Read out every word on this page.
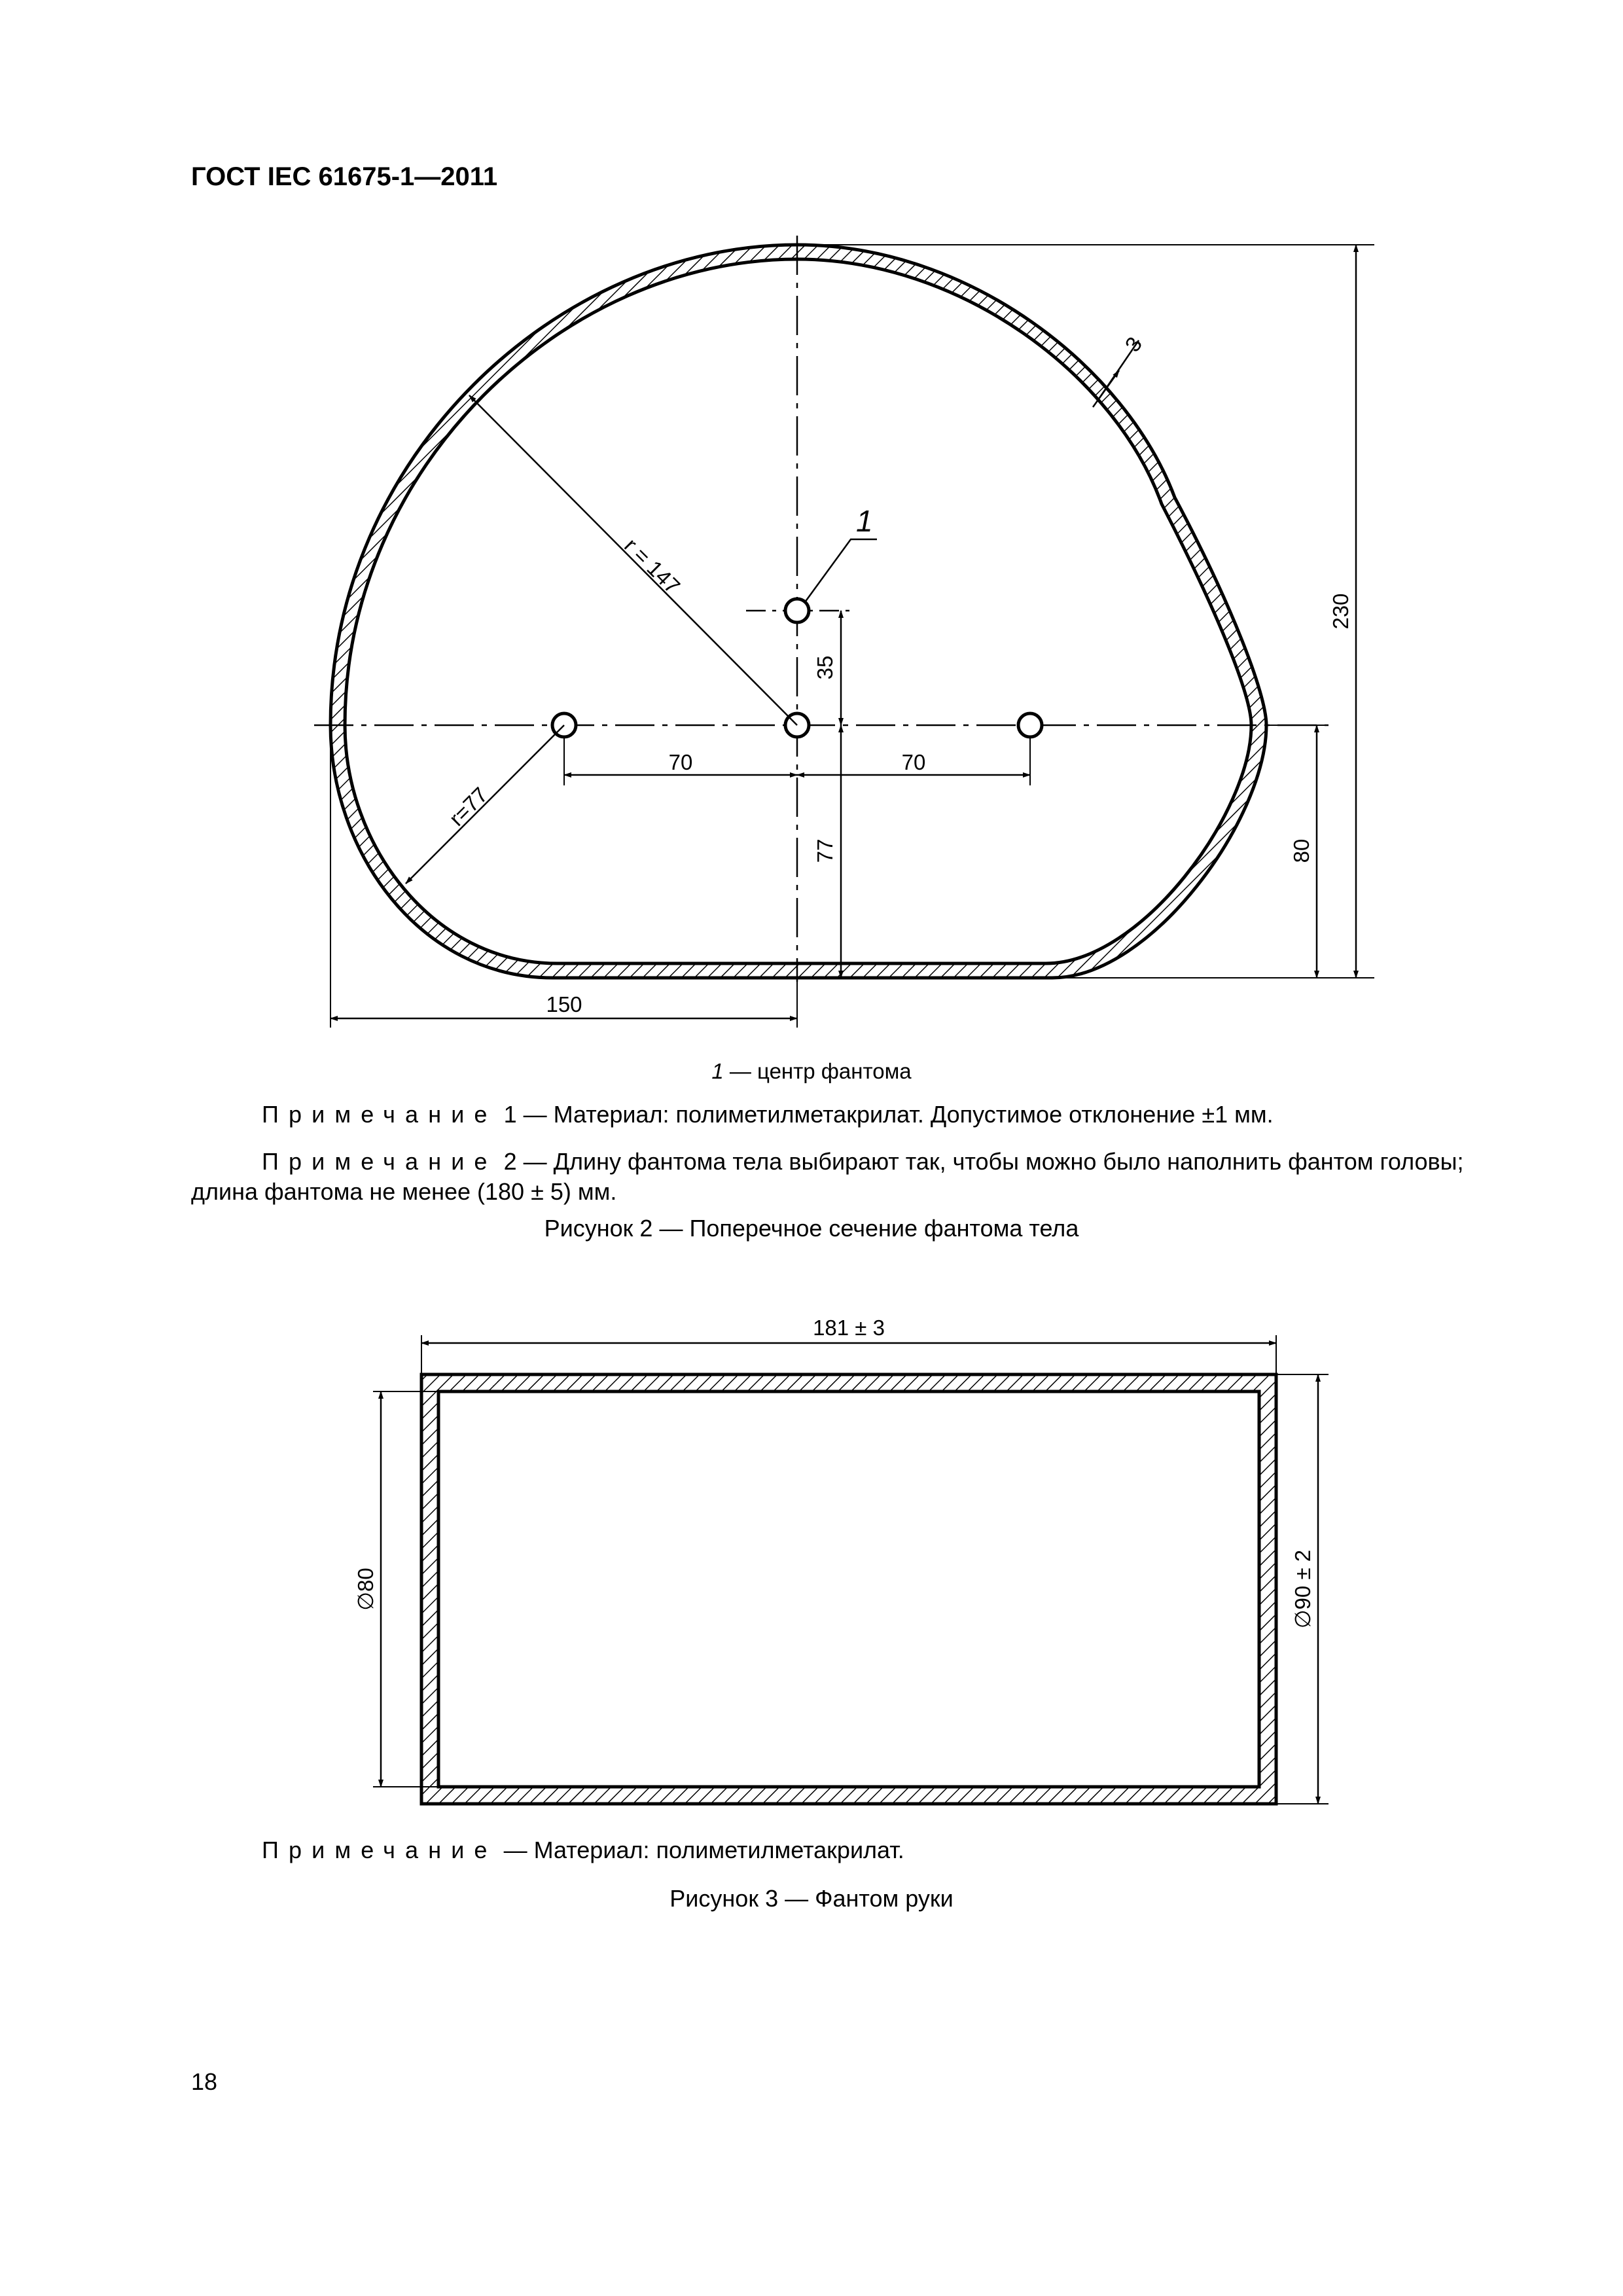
ГОСТ IEC 61675-1—2011
1
r = 147
r=77
3
230
80
35
77
70	70
150
181 ± 3
∅80	∅90 ± 2
1 — центр фантома
Примечание 1 — Материал: полиметилметакрилат. Допустимое отклонение ±1 мм.
Примечание 2 — Длину фантома тела выбирают так, чтобы можно было наполнить фантом головы; длина фантома не менее (180 ± 5) мм.
Рисунок 2 — Поперечное сечение фантома тела
Примечание — Материал: полиметилметакрилат.
Рисунок 3 — Фантом руки
18
